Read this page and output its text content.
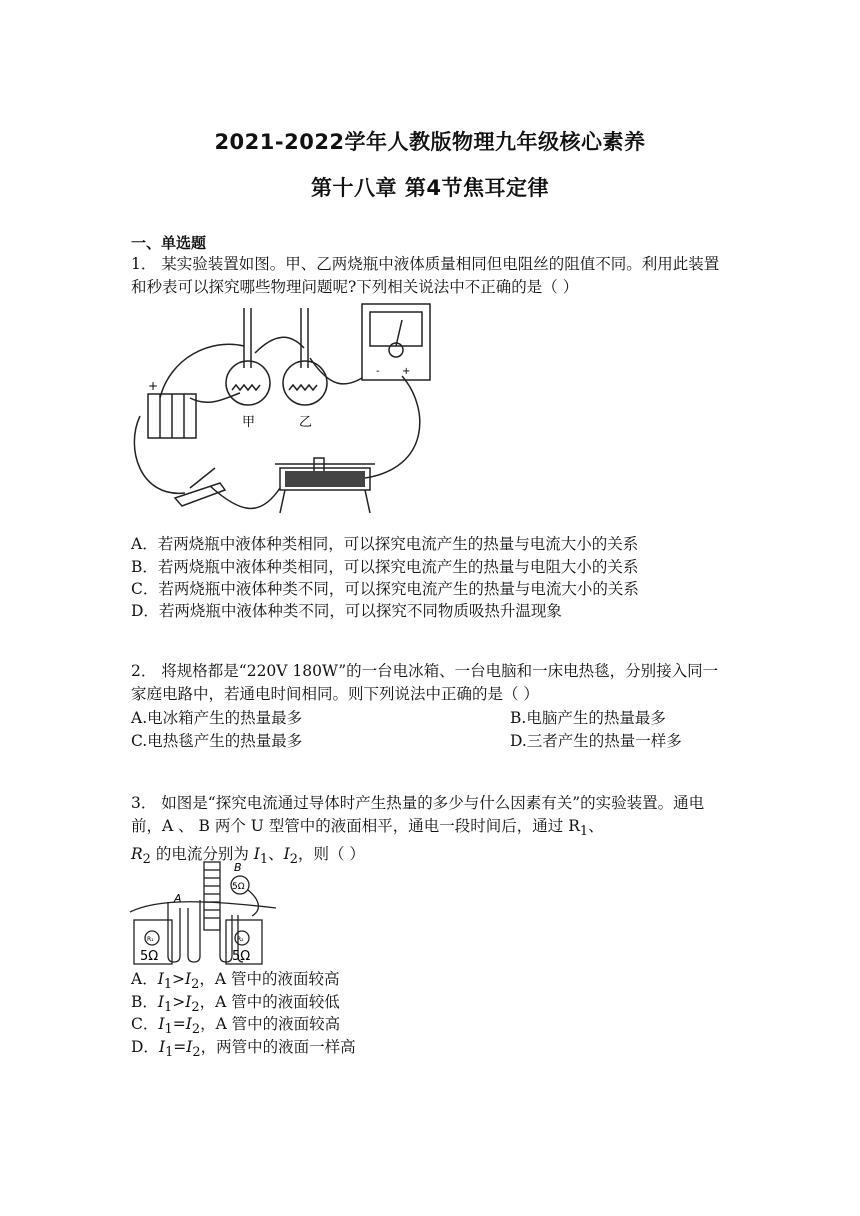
2021-2022学年人教版物理九年级核心素养
第十八章 第4节焦耳定律
一、单选题
1． 某实验装置如图。甲、乙两烧瓶中液体质量相同但电阻丝的阻值不同。利用此装置和秒表可以探究哪些物理问题呢?下列相关说法中不正确的是（ ）
+
甲	乙
- +
A．若两烧瓶中液体种类相同，可以探究电流产生的热量与电流大小的关系
B．若两烧瓶中液体种类相同，可以探究电流产生的热量与电阻大小的关系
C．若两烧瓶中液体种类不同，可以探究电流产生的热量与电流大小的关系
D．若两烧瓶中液体种类不同，可以探究不同物质吸热升温现象
2． 将规格都是“220V 180W”的一台电冰箱、一台电脑和一床电热毯，分别接入同一家庭电路中，若通电时间相同。则下列说法中正确的是（ ）
A.电冰箱产生的热量最多	B.电脑产生的热量最多
C.电热毯产生的热量最多	D.三者产生的热量一样多
3． 如图是“探究电流通过导体时产生热量的多少与什么因素有关”的实验装置。通电前，A 、 B 两个 U 型管中的液面相平，通电一段时间后，通过 $R_1$、
$R_2$ 的电流分别为 $I_1$、$I_2$，则（ ）
A
B
5Ω
R₁	R₂
5Ω	5Ω
A．$I_1>I_2$，A 管中的液面较高
B．$I_1>I_2$，A 管中的液面较低
C．$I_1=I_2$，A 管中的液面较高
D．$I_1=I_2$，两管中的液面一样高
